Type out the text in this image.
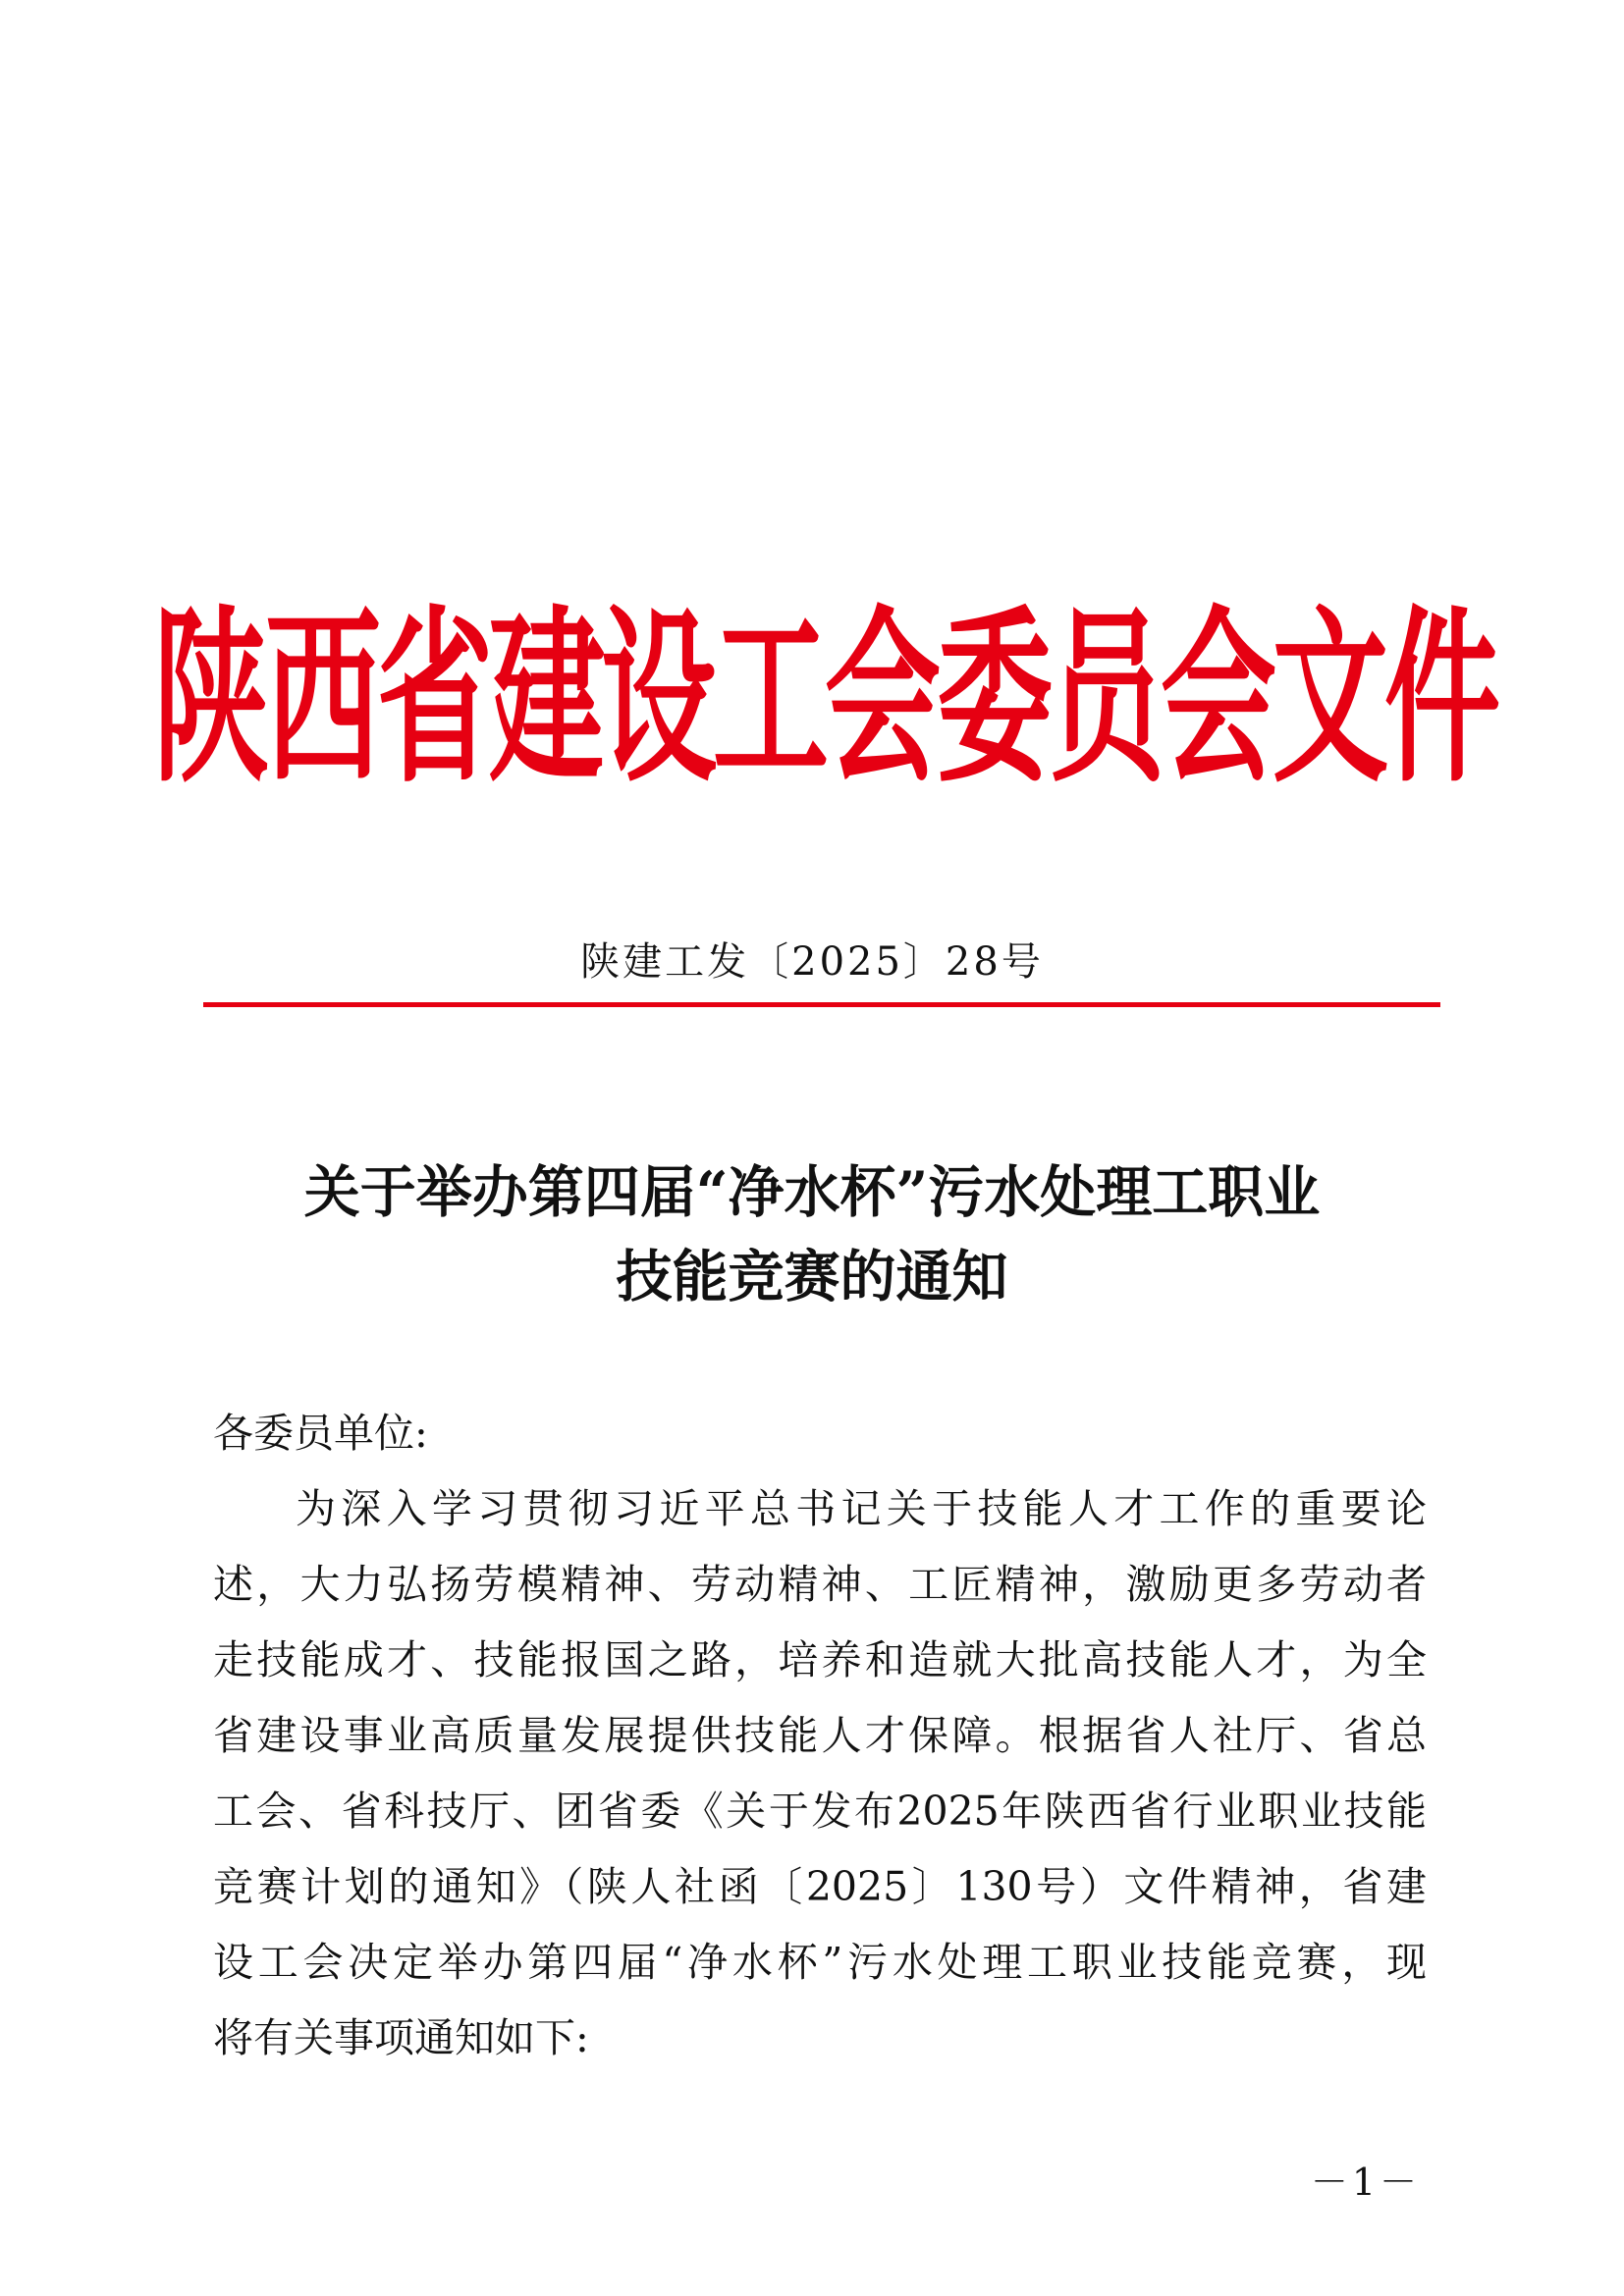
陕西省建设工会委员会文件
陕建工发〔2025〕28号
关于举办第四届“净水杯”污水处理工职业
技能竞赛的通知
各委员单位:
为深入学习贯彻习近平总书记关于技能人才工作的重要论
述，大力弘扬劳模精神、劳动精神、工匠精神，激励更多劳动者
走技能成才、技能报国之路，培养和造就大批高技能人才，为全
省建设事业高质量发展提供技能人才保障。根据省人社厅、省总
工会、省科技厅、团省委《关于发布2025年陕西省行业职业技能
竞赛计划的通知》（陕人社函〔2025〕130号）文件精神，省建
设工会决定举办第四届“净水杯”污水处理工职业技能竞赛，现
将有关事项通知如下:
－1－
